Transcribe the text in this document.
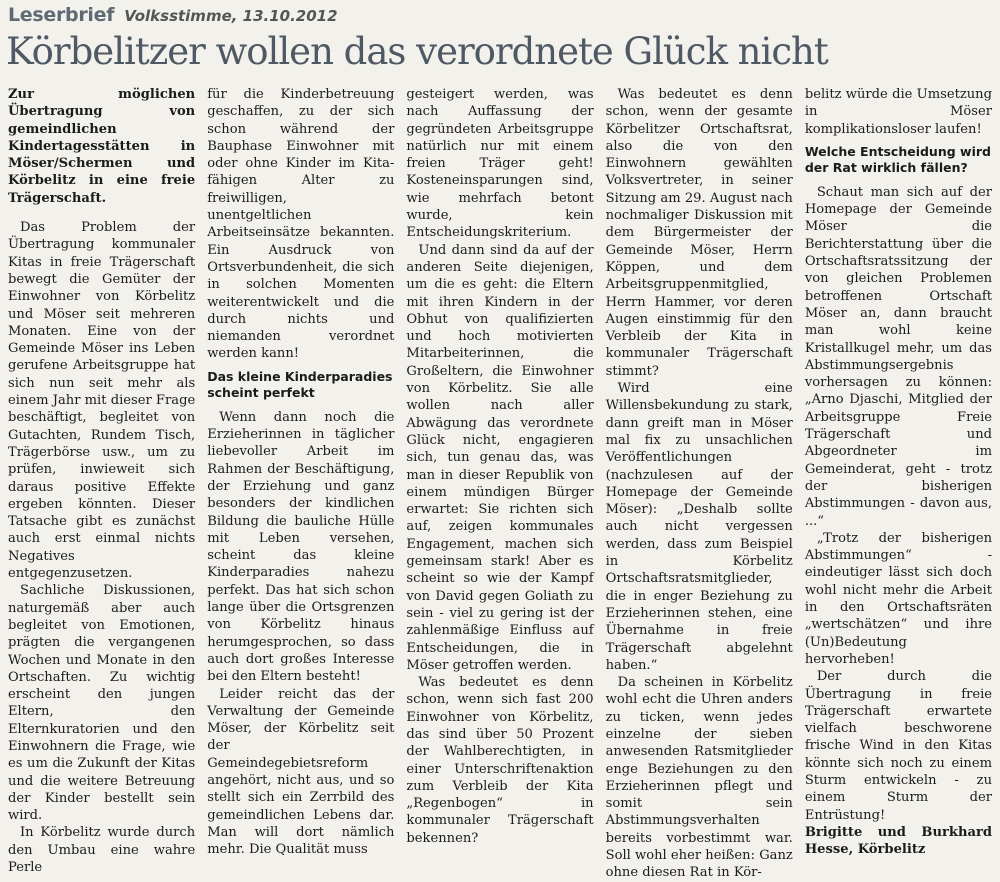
Leserbrief Volksstimme, 13.10.2012
Körbelitzer wollen das verordnete Glück nicht

Zur möglichen Übertragung von gemeindlichen Kindertagesstätten in Möser/Schermen und Körbelitz in eine freie Trägerschaft.

Das Problem der Übertragung kommunaler Kitas in freie Trägerschaft bewegt die Gemüter der Einwohner von Körbelitz und Möser seit mehreren Monaten. Eine von der Gemeinde Möser ins Leben gerufene Arbeitsgruppe hat sich nun seit mehr als einem Jahr mit dieser Frage beschäftigt, begleitet von Gutachten, Rundem Tisch, Trägerbörse usw., um zu prüfen, inwieweit sich daraus positive Effekte ergeben könnten. Dieser Tatsache gibt es zunächst auch erst einmal nichts Negatives entgegenzusetzen.

Sachliche Diskussionen, naturgemäß aber auch begleitet von Emotionen, prägten die vergangenen Wochen und Monate in den Ortschaften. Zu wichtig erscheint den jungen Eltern, den Elternkuratorien und den Einwohnern die Frage, wie es um die Zukunft der Kitas und die weitere Betreuung der Kinder bestellt sein wird.

In Körbelitz wurde durch den Umbau eine wahre Perle

für die Kinderbetreuung geschaffen, zu der sich schon während der Bauphase Einwohner mit oder ohne Kinder im Kita-fähigen Alter zu freiwilligen, unentgeltlichen Arbeitseinsätze bekannten. Ein Ausdruck von Ortsverbundenheit, die sich in solchen Momenten weiterentwickelt und die durch nichts und niemanden verordnet werden kann!

Das kleine Kinderparadies scheint perfekt

Wenn dann noch die Erzieherinnen in täglicher liebevoller Arbeit im Rahmen der Beschäftigung, der Erziehung und ganz besonders der kindlichen Bildung die bauliche Hülle mit Leben versehen, scheint das kleine Kinderparadies nahezu perfekt. Das hat sich schon lange über die Ortsgrenzen von Körbelitz hinaus herumgesprochen, so dass auch dort großes Interesse bei den Eltern besteht!

Leider reicht das der Verwaltung der Gemeinde Möser, der Körbelitz seit der Gemeindegebietsreform angehört, nicht aus, und so stellt sich ein Zerrbild des gemeindlichen Lebens dar. Man will dort nämlich mehr. Die Qualität muss

gesteigert werden, was nach Auffassung der gegründeten Arbeitsgruppe natürlich nur mit einem freien Träger geht! Kosteneinsparungen sind, wie mehrfach betont wurde, kein Entscheidungskriterium.

Und dann sind da auf der anderen Seite diejenigen, um die es geht: die Eltern mit ihren Kindern in der Obhut von qualifizierten und hoch motivierten Mitarbeiterinnen, die Großeltern, die Einwohner von Körbelitz. Sie alle wollen nach aller Abwägung das verordnete Glück nicht, engagieren sich, tun genau das, was man in dieser Republik von einem mündigen Bürger erwartet: Sie richten sich auf, zeigen kommunales Engagement, machen sich gemeinsam stark! Aber es scheint so wie der Kampf von David gegen Goliath zu sein - viel zu gering ist der zahlenmäßige Einfluss auf Entscheidungen, die in Möser getroffen werden.

Was bedeutet es denn schon, wenn sich fast 200 Einwohner von Körbelitz, das sind über 50 Prozent der Wahlberechtigten, in einer Unterschriftenaktion zum Verbleib der Kita „Regenbogen“ in kommunaler Trägerschaft bekennen?

Was bedeutet es denn schon, wenn der gesamte Körbelitzer Ortschaftsrat, also die von den Einwohnern gewählten Volksvertreter, in seiner Sitzung am 29. August nach nochmaliger Diskussion mit dem Bürgermeister der Gemeinde Möser, Herrn Köppen, und dem Arbeitsgruppenmitglied, Herrn Hammer, vor deren Augen einstimmig für den Verbleib der Kita in kommunaler Trägerschaft stimmt?

Wird eine Willensbekundung zu stark, dann greift man in Möser mal fix zu unsachlichen Veröffentlichungen (nachzulesen auf der Homepage der Gemeinde Möser): „Deshalb sollte auch nicht vergessen werden, dass zum Beispiel in Körbelitz Ortschaftsratsmitglieder, die in enger Beziehung zu Erzieherinnen stehen, eine Übernahme in freie Trägerschaft abgelehnt haben.“

Da scheinen in Körbelitz wohl echt die Uhren anders zu ticken, wenn jedes einzelne der sieben anwesenden Ratsmitglieder enge Beziehungen zu den Erzieherinnen pflegt und somit sein Abstimmungsverhalten bereits vorbestimmt war. Soll wohl eher heißen: Ganz ohne diesen Rat in Kör-

belitz würde die Umsetzung in Möser komplikationsloser laufen!

Welche Entscheidung wird der Rat wirklich fällen?

Schaut man sich auf der Homepage der Gemeinde Möser die Berichterstattung über die Ortschaftsratssitzung der von gleichen Problemen betroffenen Ortschaft Möser an, dann braucht man wohl keine Kristallkugel mehr, um das Abstimmungsergebnis vorhersagen zu können: „Arno Djaschi, Mitglied der Arbeitsgruppe Freie Trägerschaft und Abgeordneter im Gemeinderat, geht - trotz der bisherigen Abstimmungen - davon aus, ...“

„Trotz der bisherigen Abstimmungen“ - eindeutiger lässt sich doch wohl nicht mehr die Arbeit in den Ortschaftsräten „wertschätzen“ und ihre (Un)Bedeutung hervorheben!

Der durch die Übertragung in freie Trägerschaft erwartete vielfach beschworene frische Wind in den Kitas könnte sich noch zu einem Sturm entwickeln - zu einem Sturm der Entrüstung!

Brigitte und Burkhard Hesse, Körbelitz
